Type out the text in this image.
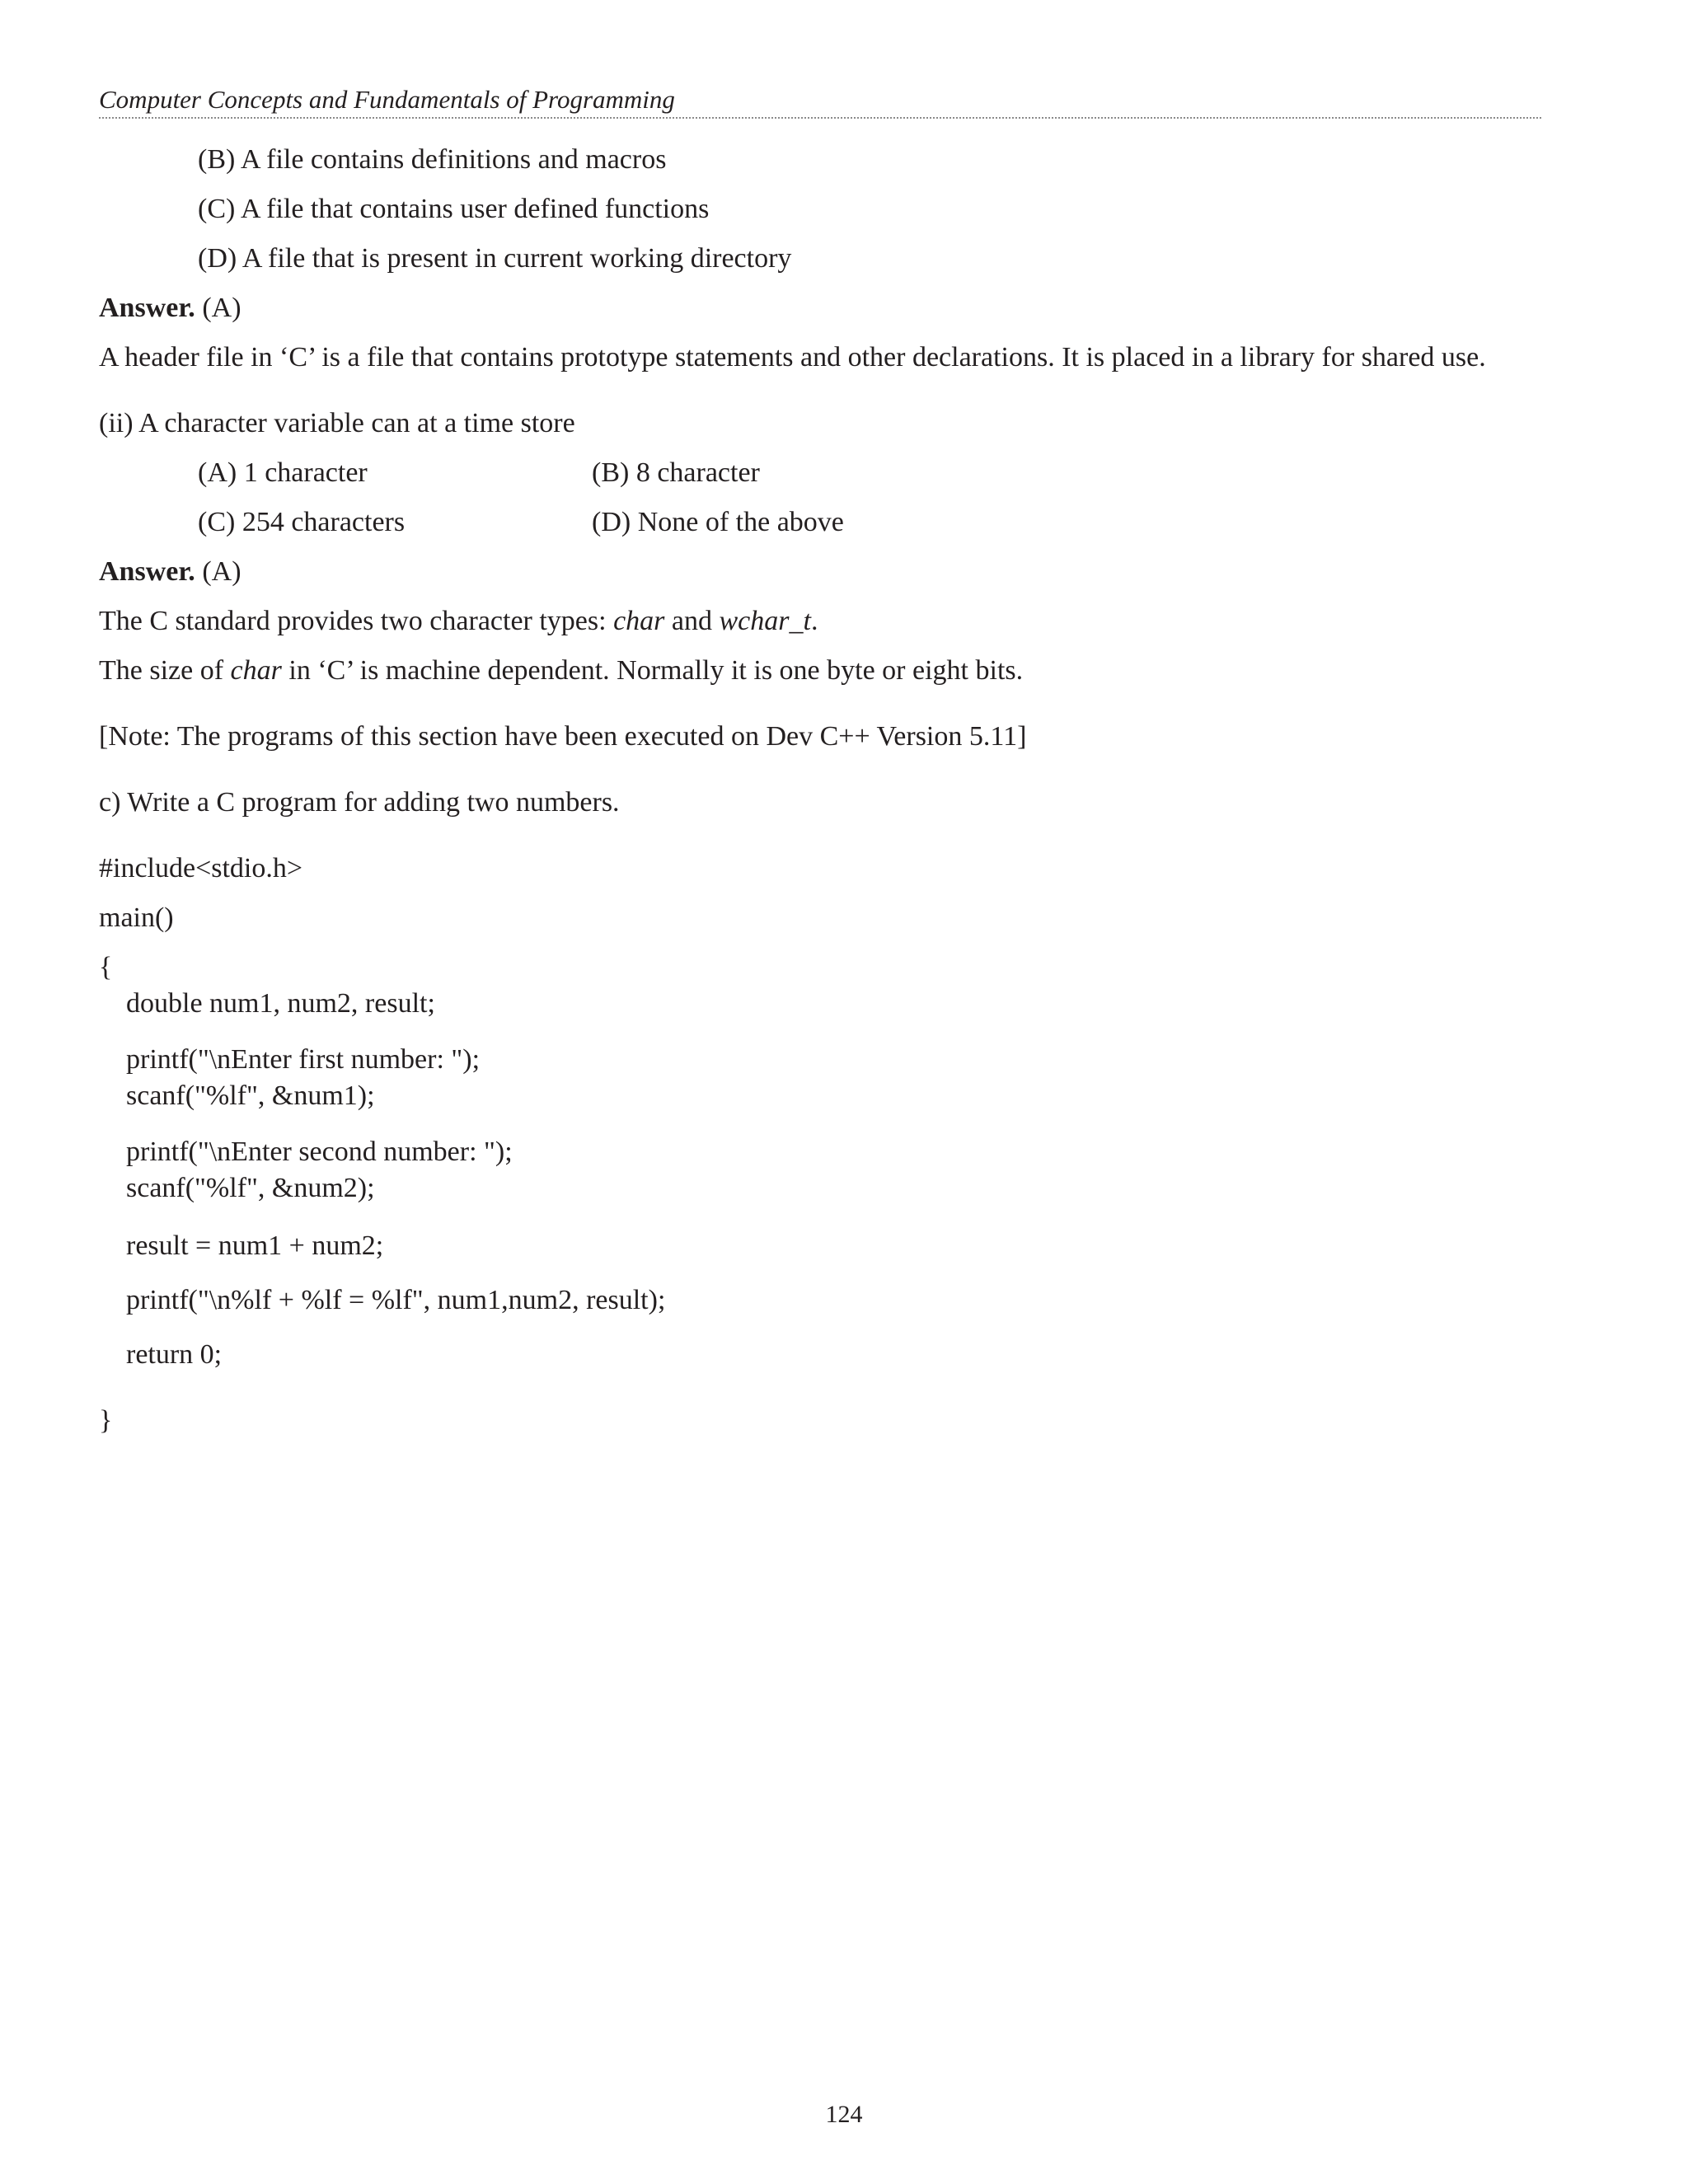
Computer Concepts and Fundamentals of Programming
(B) A file contains definitions and macros
(C) A file that contains user defined functions
(D) A file that is present in current working directory
Answer. (A)
A header file in ‘C’ is a file that contains prototype statements and other declarations. It is placed in a library for shared use.
(ii) A character variable can at a time store
(A) 1 character	(B) 8 character
(C) 254 characters	(D) None of the above
Answer. (A)
The C standard provides two character types: char and wchar_t.
The size of char in ‘C’ is machine dependent. Normally it is one byte or eight bits.
[Note: The programs of this section have been executed on Dev C++ Version 5.11]
c) Write a C program for adding two numbers.
#include<stdio.h>
main()
{
double num1, num2, result;
printf("\nEnter first number: ");
scanf("%lf", &num1);
printf("\nEnter second number: ");
scanf("%lf", &num2);
result = num1 + num2;
printf("\n%lf + %lf = %lf", num1,num2, result);
return 0;
}
124
